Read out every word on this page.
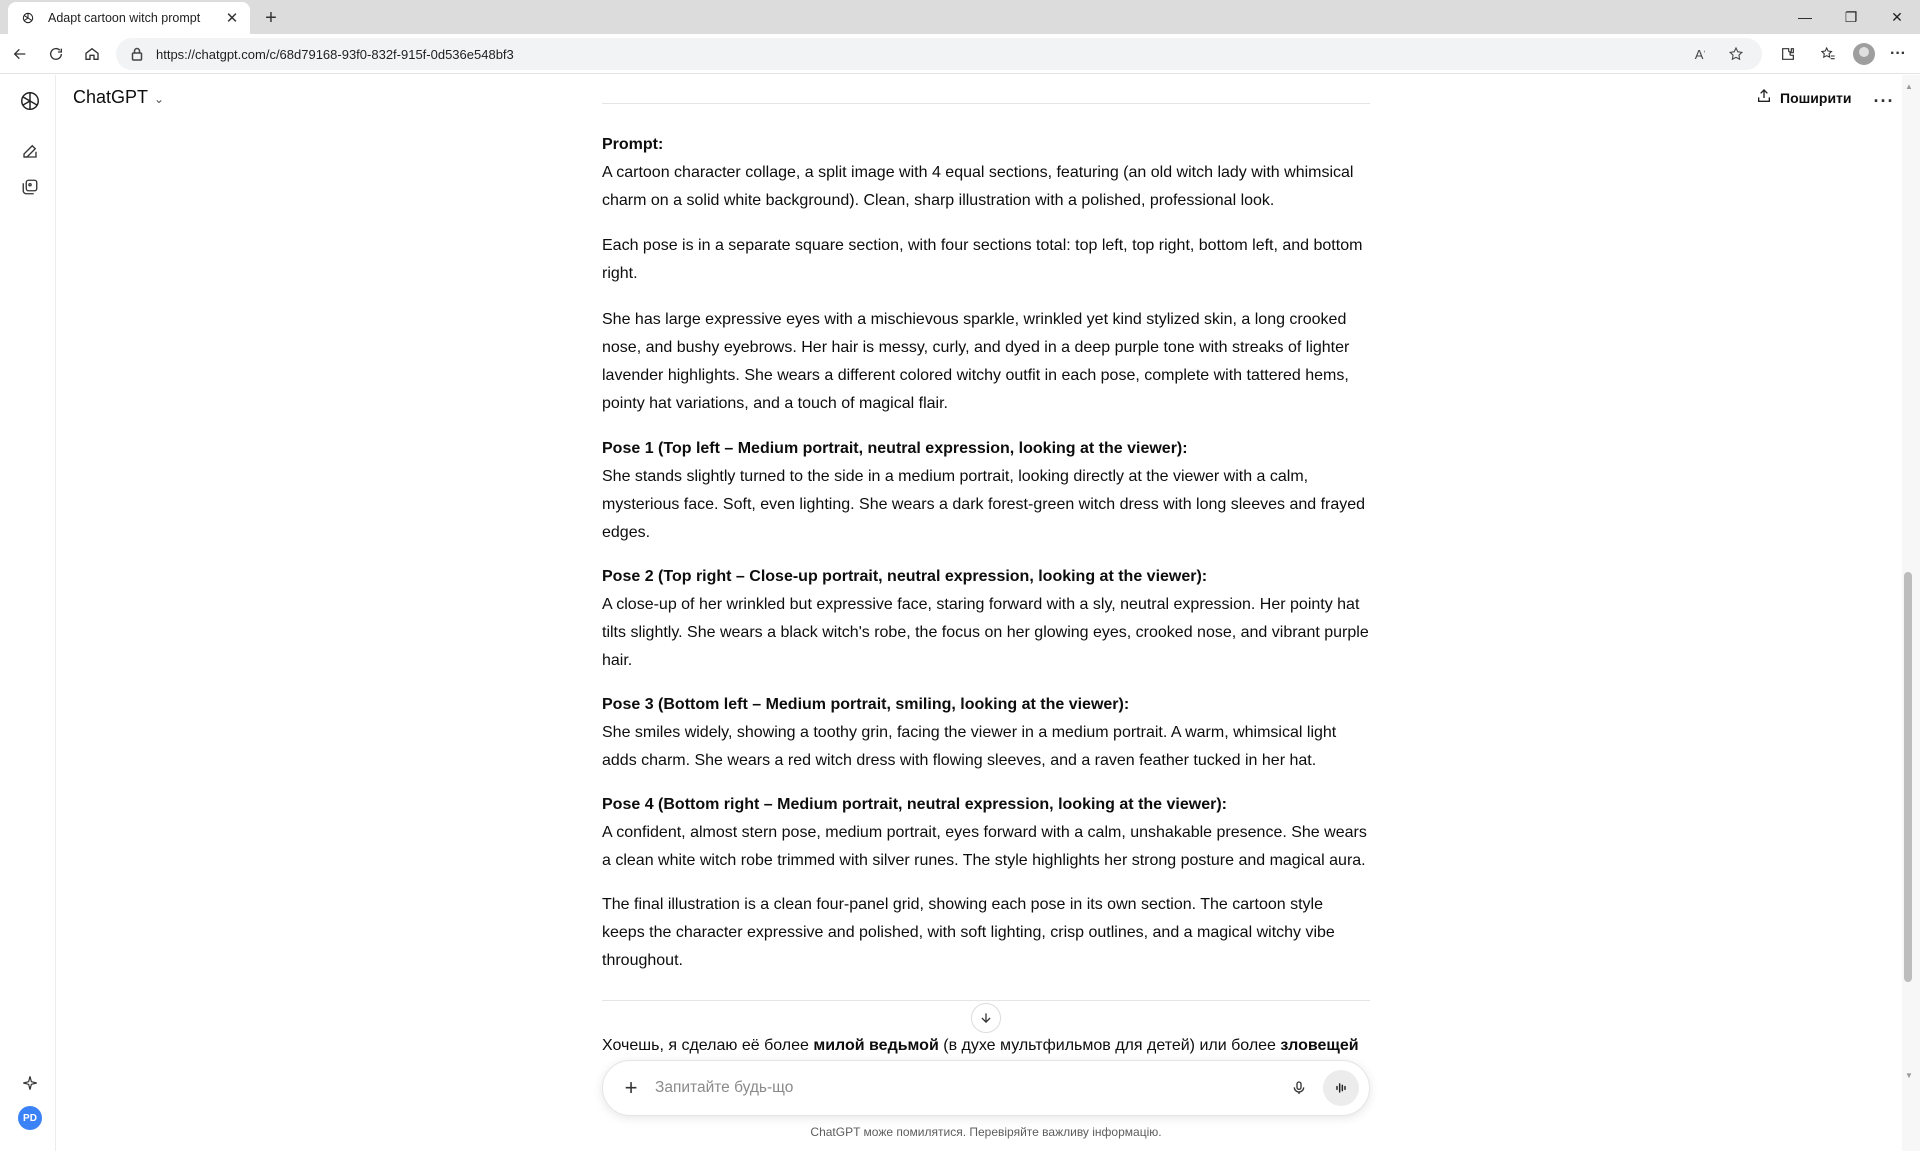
Adapt cartoon witch prompt	✕	+	—	❐	✕
https://chatgpt.com/c/68d79168-93f0-832f-915f-0d536e548bf3	A ʼ	···
PD
ChatGPT ⌄	Поширити ···
Prompt:
A cartoon character collage, a split image with 4 equal sections, featuring (an old witch lady with whimsical charm on a solid white background). Clean, sharp illustration with a polished, professional look.
Each pose is in a separate square section, with four sections total: top left, top right, bottom left, and bottom right.
She has large expressive eyes with a mischievous sparkle, wrinkled yet kind stylized skin, a long crooked nose, and bushy eyebrows. Her hair is messy, curly, and dyed in a deep purple tone with streaks of lighter lavender highlights. She wears a different colored witchy outfit in each pose, complete with tattered hems, pointy hat variations, and a touch of magical flair.
Pose 1 (Top left – Medium portrait, neutral expression, looking at the viewer):
She stands slightly turned to the side in a medium portrait, looking directly at the viewer with a calm, mysterious face. Soft, even lighting. She wears a dark forest-green witch dress with long sleeves and frayed edges.
Pose 2 (Top right – Close-up portrait, neutral expression, looking at the viewer):
A close-up of her wrinkled but expressive face, staring forward with a sly, neutral expression. Her pointy hat tilts slightly. She wears a black witch's robe, the focus on her glowing eyes, crooked nose, and vibrant purple hair.
Pose 3 (Bottom left – Medium portrait, smiling, looking at the viewer):
She smiles widely, showing a toothy grin, facing the viewer in a medium portrait. A warm, whimsical light adds charm. She wears a red witch dress with flowing sleeves, and a raven feather tucked in her hat.
Pose 4 (Bottom right – Medium portrait, neutral expression, looking at the viewer):
A confident, almost stern pose, medium portrait, eyes forward with a calm, unshakable presence. She wears a clean white witch robe trimmed with silver runes. The style highlights her strong posture and magical aura.
The final illustration is a clean four-panel grid, showing each pose in its own section. The cartoon style keeps the character expressive and polished, with soft lighting, crisp outlines, and a magical witchy vibe throughout.
Хочешь, я сделаю её более милой ведьмой (в духе мультфильмов для детей) или более зловещей
+
Запитайте будь-що
ChatGPT може помилятися. Перевіряйте важливу інформацію.
▲
▼
